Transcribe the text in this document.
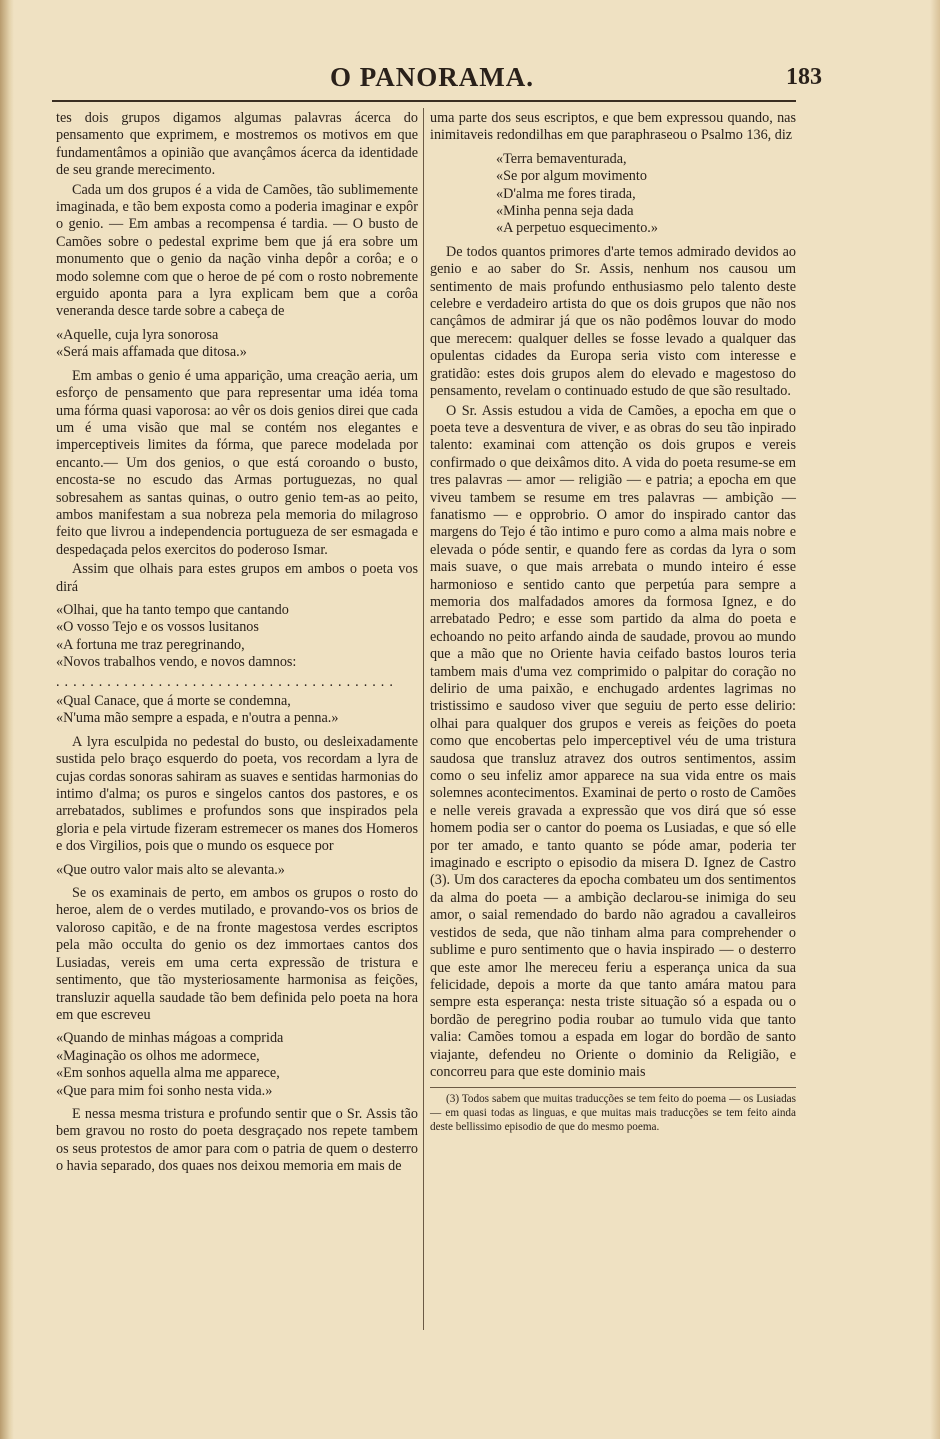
O PANORAMA.	183

tes dois grupos digamos algumas palavras ácerca do pensamento que exprimem, e mostremos os motivos em que fundamentâmos a opinião que avançâmos ácerca da identidade de seu grande merecimento.

Cada um dos grupos é a vida de Camões, tão sublimemente imaginada, e tão bem exposta como a poderia imaginar e expôr o genio. — Em ambas a recompensa é tardia. — O busto de Camões sobre o pedestal exprime bem que já era sobre um monumento que o genio da nação vinha depôr a corôa; e o modo solemne com que o heroe de pé com o rosto nobremente erguido aponta para a lyra explicam bem que a corôa veneranda desce tarde sobre a cabeça de

«Aquelle, cuja lyra sonorosa
«Será mais affamada que ditosa.»

Em ambas o genio é uma apparição, uma creação aeria, um esforço de pensamento que para representar uma idéa toma uma fórma quasi vaporosa: ao vêr os dois genios direi que cada um é uma visão que mal se contém nos elegantes e imperceptiveis limites da fórma, que parece modelada por encanto.— Um dos genios, o que está coroando o busto, encosta-se no escudo das Armas portuguezas, no qual sobresahem as santas quinas, o outro genio tem-as ao peito, ambos manifestam a sua nobreza pela memoria do milagroso feito que livrou a independencia portugueza de ser esmagada e despedaçada pelos exercitos do poderoso Ismar.

Assim que olhais para estes grupos em ambos o poeta vos dirá

«Olhai, que ha tanto tempo que cantando
«O vosso Tejo e os vossos lusitanos
«A fortuna me traz peregrinando,
«Novos trabalhos vendo, e novos damnos:
........................................
«Qual Canace, que á morte se condemna,
«N'uma mão sempre a espada, e n'outra a penna.»

A lyra esculpida no pedestal do busto, ou desleixadamente sustida pelo braço esquerdo do poeta, vos recordam a lyra de cujas cordas sonoras sahiram as suaves e sentidas harmonias do intimo d'alma; os puros e singelos cantos dos pastores, e os arrebatados, sublimes e profundos sons que inspirados pela gloria e pela virtude fizeram estremecer os manes dos Homeros e dos Virgilios, pois que o mundo os esquece por

«Que outro valor mais alto se alevanta.»

Se os examinais de perto, em ambos os grupos o rosto do heroe, alem de o verdes mutilado, e provando-vos os brios de valoroso capitão, e de na fronte magestosa verdes escriptos pela mão occulta do genio os dez immortaes cantos dos Lusiadas, vereis em uma certa expressão de tristura e sentimento, que tão mysteriosamente harmonisa as feições, transluzir aquella saudade tão bem definida pelo poeta na hora em que escreveu

«Quando de minhas mágoas a comprida
«Maginação os olhos me adormece,
«Em sonhos aquella alma me apparece,
«Que para mim foi sonho nesta vida.»

E nessa mesma tristura e profundo sentir que o Sr. Assis tão bem gravou no rosto do poeta desgraçado nos repete tambem os seus protestos de amor para com o patria de quem o desterro o havia separado, dos quaes nos deixou memoria em mais de

uma parte dos seus escriptos, e que bem expressou quando, nas inimitaveis redondilhas em que paraphraseou o Psalmo 136, diz

«Terra bemaventurada,
«Se por algum movimento
«D'alma me fores tirada,
«Minha penna seja dada
«A perpetuo esquecimento.»

De todos quantos primores d'arte temos admirado devidos ao genio e ao saber do Sr. Assis, nenhum nos causou um sentimento de mais profundo enthusiasmo pelo talento deste celebre e verdadeiro artista do que os dois grupos que não nos cançâmos de admirar já que os não podêmos louvar do modo que merecem: qualquer delles se fosse levado a qualquer das opulentas cidades da Europa seria visto com interesse e gratidão: estes dois grupos alem do elevado e magestoso do pensamento, revelam o continuado estudo de que são resultado.

O Sr. Assis estudou a vida de Camões, a epocha em que o poeta teve a desventura de viver, e as obras do seu tão inpirado talento: examinai com attenção os dois grupos e vereis confirmado o que deixâmos dito. A vida do poeta resume-se em tres palavras — amor — religião — e patria; a epocha em que viveu tambem se resume em tres palavras — ambição — fanatismo — e opprobrio. O amor do inspirado cantor das margens do Tejo é tão intimo e puro como a alma mais nobre e elevada o póde sentir, e quando fere as cordas da lyra o som mais suave, o que mais arrebata o mundo inteiro é esse harmonioso e sentido canto que perpetúa para sempre a memoria dos malfadados amores da formosa Ignez, e do arrebatado Pedro; e esse som partido da alma do poeta e echoando no peito arfando ainda de saudade, provou ao mundo que a mão que no Oriente havia ceifado bastos louros teria tambem mais d'uma vez comprimido o palpitar do coração no delirio de uma paixão, e enchugado ardentes lagrimas no tristissimo e saudoso viver que seguiu de perto esse delirio: olhai para qualquer dos grupos e vereis as feições do poeta como que encobertas pelo imperceptivel véu de uma tristura saudosa que transluz atravez dos outros sentimentos, assim como o seu infeliz amor apparece na sua vida entre os mais solemnes acontecimentos. Examinai de perto o rosto de Camões e nelle vereis gravada a expressão que vos dirá que só esse homem podia ser o cantor do poema os Lusiadas, e que só elle por ter amado, e tanto quanto se póde amar, poderia ter imaginado e escripto o episodio da misera D. Ignez de Castro (3). Um dos caracteres da epocha combateu um dos sentimentos da alma do poeta — a ambição declarou-se inimiga do seu amor, o saial remendado do bardo não agradou a cavalleiros vestidos de seda, que não tinham alma para comprehender o sublime e puro sentimento que o havia inspirado — o desterro que este amor lhe mereceu feriu a esperança unica da sua felicidade, depois a morte da que tanto amára matou para sempre esta esperança: nesta triste situação só a espada ou o bordão de peregrino podia roubar ao tumulo vida que tanto valia: Camões tomou a espada em logar do bordão de santo viajante, defendeu no Oriente o dominio da Religião, e concorreu para que este dominio mais

(3) Todos sabem que muitas traducções se tem feito do poema — os Lusiadas — em quasi todas as linguas, e que muitas mais traducções se tem feito ainda deste bellissimo episodio de que do mesmo poema.
